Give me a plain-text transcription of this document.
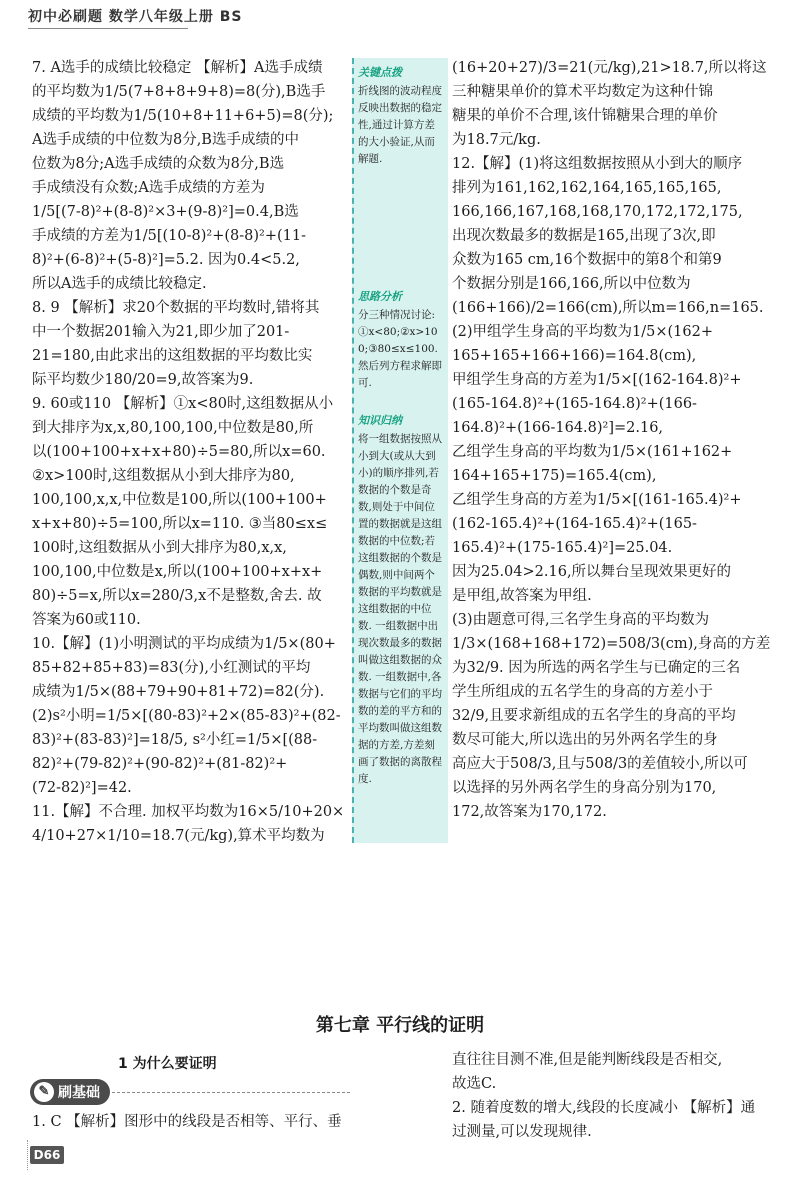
初中必刷题 数学八年级上册 BS
7. A选手的成绩比较稳定 【解析】A选手成绩
的平均数为1/5(7+8+8+9+8)=8(分),B选手
成绩的平均数为1/5(10+8+11+6+5)=8(分);
A选手成绩的中位数为8分,B选手成绩的中
位数为8分;A选手成绩的众数为8分,B选
手成绩没有众数;A选手成绩的方差为
1/5[(7-8)²+(8-8)²×3+(9-8)²]=0.4,B选
手成绩的方差为1/5[(10-8)²+(8-8)²+(11-
8)²+(6-8)²+(5-8)²]=5.2. 因为0.4<5.2,
所以A选手的成绩比较稳定.
8. 9 【解析】求20个数据的平均数时,错将其
中一个数据201输入为21,即少加了201-
21=180,由此求出的这组数据的平均数比实
际平均数少180/20=9,故答案为9.
9. 60或110 【解析】①x<80时,这组数据从小
到大排序为x,x,80,100,100,中位数是80,所
以(100+100+x+x+80)÷5=80,所以x=60.
②x>100时,这组数据从小到大排序为80,
100,100,x,x,中位数是100,所以(100+100+
x+x+80)÷5=100,所以x=110. ③当80≤x≤
100时,这组数据从小到大排序为80,x,x,
100,100,中位数是x,所以(100+100+x+x+
80)÷5=x,所以x=280/3,x不是整数,舍去. 故
答案为60或110.
10.【解】(1)小明测试的平均成绩为1/5×(80+
85+82+85+83)=83(分),小红测试的平均
成绩为1/5×(88+79+90+81+72)=82(分).
(2)s²小明=1/5×[(80-83)²+2×(85-83)²+(82-
83)²+(83-83)²]=18/5, s²小红=1/5×[(88-
82)²+(79-82)²+(90-82)²+(81-82)²+
(72-82)²]=42.
11.【解】不合理. 加权平均数为16×5/10+20×
4/10+27×1/10=18.7(元/kg),算术平均数为
关键点拨
折线图的波动程度反映出数据的稳定性,通过计算方差的大小验证,从而解题.
思路分析
分三种情况讨论:①x<80;②x>100;③80≤x≤100. 然后列方程求解即可.
知识归纳
将一组数据按照从小到大(或从大到小)的顺序排列,若数据的个数是奇数,则处于中间位置的数据就是这组数据的中位数;若这组数据的个数是偶数,则中间两个数据的平均数就是这组数据的中位数. 一组数据中出现次数最多的数据叫做这组数据的众数. 一组数据中,各数据与它们的平均数的差的平方和的平均数叫做这组数据的方差,方差刻画了数据的离散程度.
(16+20+27)/3=21(元/kg),21>18.7,所以将这
三种糖果单价的算术平均数定为这种什锦
糖果的单价不合理,该什锦糖果合理的单价
为18.7元/kg.
12.【解】(1)将这组数据按照从小到大的顺序
排列为161,162,162,164,165,165,165,
166,166,167,168,168,170,172,172,175,
出现次数最多的数据是165,出现了3次,即
众数为165 cm,16个数据中的第8个和第9
个数据分别是166,166,所以中位数为
(166+166)/2=166(cm),所以m=166,n=165.
(2)甲组学生身高的平均数为1/5×(162+
165+165+166+166)=164.8(cm),
甲组学生身高的方差为1/5×[(162-164.8)²+
(165-164.8)²+(165-164.8)²+(166-
164.8)²+(166-164.8)²]=2.16,
乙组学生身高的平均数为1/5×(161+162+
164+165+175)=165.4(cm),
乙组学生身高的方差为1/5×[(161-165.4)²+
(162-165.4)²+(164-165.4)²+(165-
165.4)²+(175-165.4)²]=25.04.
因为25.04>2.16,所以舞台呈现效果更好的
是甲组,故答案为甲组.
(3)由题意可得,三名学生身高的平均数为
1/3×(168+168+172)=508/3(cm),身高的方差
为32/9. 因为所选的两名学生与已确定的三名
学生所组成的五名学生的身高的方差小于
32/9,且要求新组成的五名学生的身高的平均
数尽可能大,所以选出的另外两名学生的身
高应大于508/3,且与508/3的差值较小,所以可
以选择的另外两名学生的身高分别为170,
172,故答案为170,172.
第七章 平行线的证明
1 为什么要证明
刷基础
✎
1. C 【解析】图形中的线段是否相等、平行、垂
直往往目测不准,但是能判断线段是否相交,
故选C.
2. 随着度数的增大,线段的长度减小 【解析】通
过测量,可以发现规律.
D66
